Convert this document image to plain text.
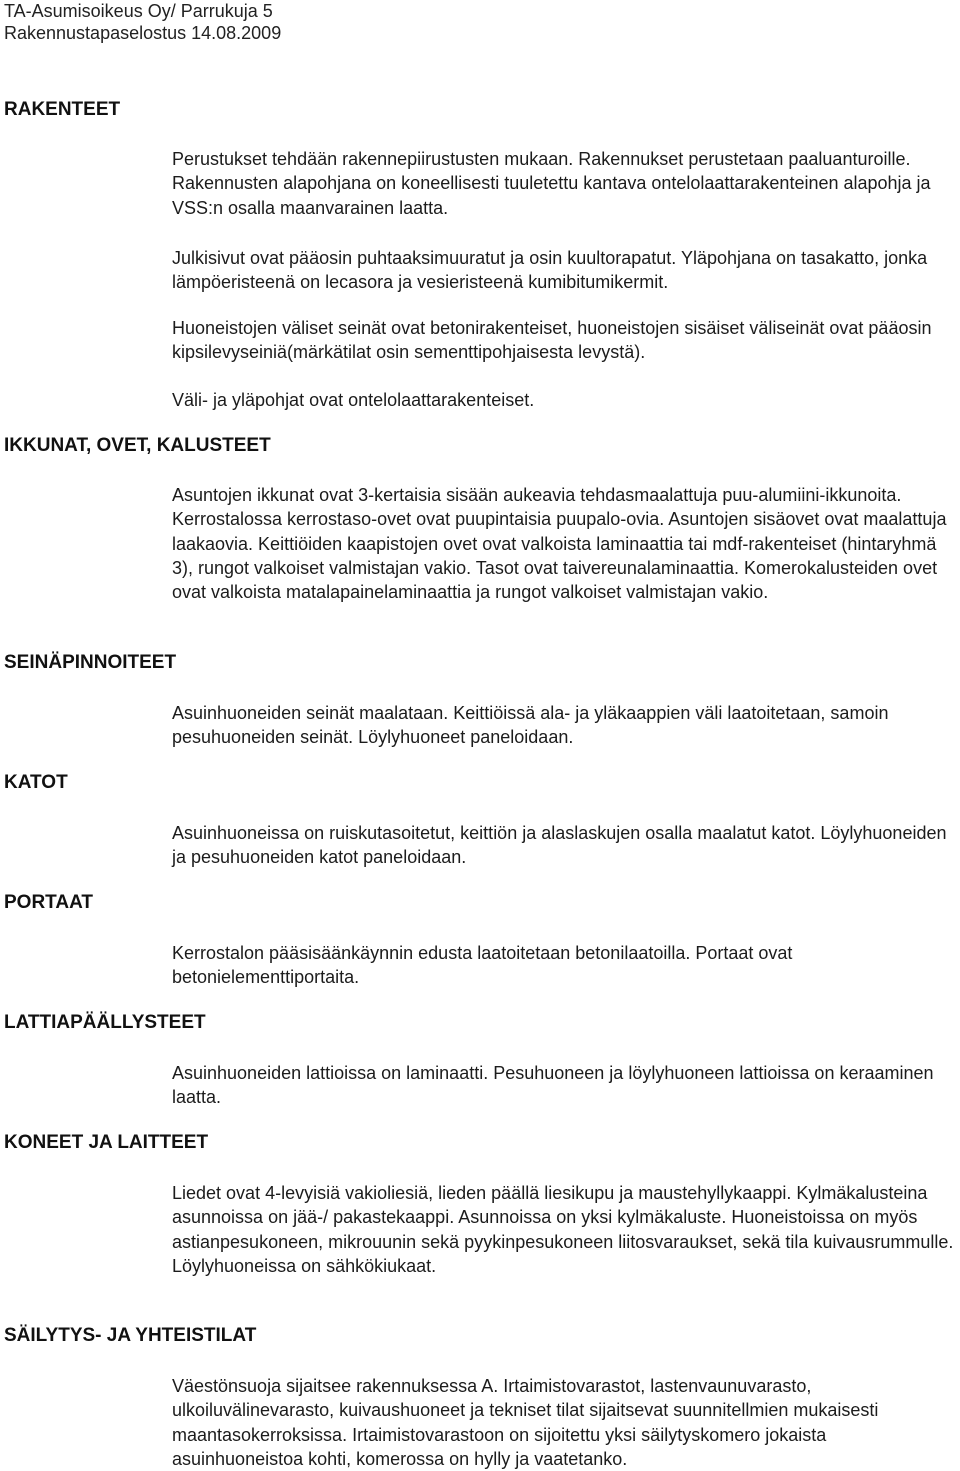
TA-Asumisoikeus Oy/ Parrukuja 5
Rakennustapaselostus 14.08.2009
RAKENTEET

Perustukset tehdään rakennepiirustusten mukaan. Rakennukset perustetaan paaluanturoille. Rakennusten alapohjana on koneellisesti tuuletettu kantava ontelolaattarakenteinen alapohja ja VSS:n osalla maanvarainen laatta.

Julkisivut ovat pääosin puhtaaksimuuratut ja osin kuultorapatut. Yläpohjana on tasakatto, jonka lämpöeristeenä on lecasora ja vesieristeenä kumibitumikermit.

Huoneistojen väliset seinät ovat betonirakenteiset, huoneistojen sisäiset väliseinät ovat pääosin kipsilevyseiniä(märkätilat osin sementtipohjaisesta levystä).

Väli- ja yläpohjat ovat ontelolaattarakenteiset.

IKKUNAT, OVET, KALUSTEET

Asuntojen ikkunat ovat 3-kertaisia sisään aukeavia tehdasmaalattuja puu-alumiini-ikkunoita. Kerrostalossa kerrostaso-ovet ovat puupintaisia puupalo-ovia. Asuntojen sisäovet ovat maalattuja laakaovia. Keittiöiden kaapistojen ovet ovat valkoista laminaattia tai mdf-rakenteiset (hintaryhmä 3), rungot valkoiset valmistajan vakio. Tasot ovat taivereunalaminaattia. Komerokalusteiden ovet ovat valkoista matalapainelaminaattia ja rungot valkoiset valmistajan vakio.

SEINÄPINNOITEET

Asuinhuoneiden seinät maalataan. Keittiöissä ala- ja yläkaappien väli laatoitetaan, samoin pesuhuoneiden seinät. Löylyhuoneet paneloidaan.

KATOT

Asuinhuoneissa on ruiskutasoitetut, keittiön ja alaslaskujen osalla maalatut katot. Löylyhuoneiden ja pesuhuoneiden katot paneloidaan.

PORTAAT

Kerrostalon pääsisäänkäynnin edusta laatoitetaan betonilaatoilla. Portaat ovat betonielementtiportaita.

LATTIAPÄÄLLYSTEET

Asuinhuoneiden lattioissa on laminaatti. Pesuhuoneen ja löylyhuoneen lattioissa on keraaminen laatta.

KONEET JA LAITTEET

Liedet ovat 4-levyisiä vakioliesiä, lieden päällä liesikupu ja maustehyllykaappi. Kylmäkalusteina asunnoissa on jää-/ pakastekaappi. Asunnoissa on yksi kylmäkaluste. Huoneistoissa on myös astianpesukoneen, mikrouunin sekä pyykinpesukoneen liitosvaraukset, sekä tila kuivausrummulle. Löylyhuoneissa on sähkökiukaat.

SÄILYTYS- JA YHTEISTILAT

Väestönsuoja sijaitsee rakennuksessa A. Irtaimistovarastot, lastenvaunuvarasto, ulkoiluvälinevarasto, kuivaushuoneet ja tekniset tilat sijaitsevat suunnitellmien mukaisesti maantasokerroksissa. Irtaimistovarastoon on sijoitettu yksi säilytyskomero jokaista asuinhuoneistoa kohti, komerossa on hylly ja vaatetanko.
